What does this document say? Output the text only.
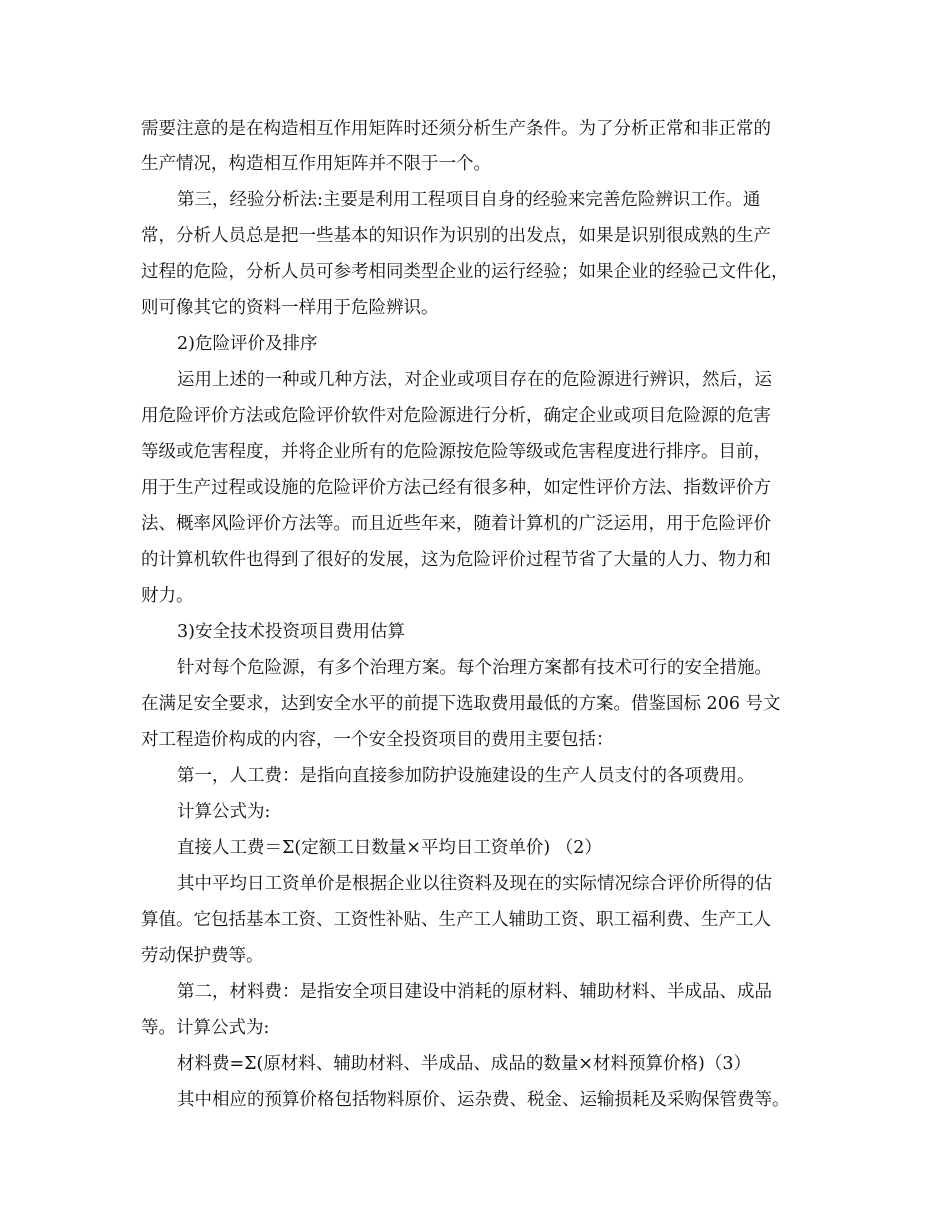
需要注意的是在构造相互作用矩阵时还须分析生产条件。为了分析正常和非正常的
生产情况，构造相互作用矩阵并不限于一个。
第三，经验分析法:主要是利用工程项目自身的经验来完善危险辨识工作。通
常，分析人员总是把一些基本的知识作为识别的出发点，如果是识别很成熟的生产
过程的危险，分析人员可参考相同类型企业的运行经验；如果企业的经验己文件化，
则可像其它的资料一样用于危险辨识。
2)危险评价及排序
运用上述的一种或几种方法，对企业或项目存在的危险源进行辨识，然后，运
用危险评价方法或危险评价软件对危险源进行分析，确定企业或项目危险源的危害
等级或危害程度，并将企业所有的危险源按危险等级或危害程度进行排序。目前，
用于生产过程或设施的危险评价方法己经有很多种，如定性评价方法、指数评价方
法、概率风险评价方法等。而且近些年来，随着计算机的广泛运用，用于危险评价
的计算机软件也得到了很好的发展，这为危险评价过程节省了大量的人力、物力和
财力。
3)安全技术投资项目费用估算
针对每个危险源，有多个治理方案。每个治理方案都有技术可行的安全措施。
在满足安全要求，达到安全水平的前提下选取费用最低的方案。借鉴国标 206 号文
对工程造价构成的内容，一个安全投资项目的费用主要包括：
第一，人工费：是指向直接参加防护设施建设的生产人员支付的各项费用。
计算公式为:
直接人工费＝Σ(定额工日数量×平均日工资单价) （2）
其中平均日工资单价是根据企业以往资料及现在的实际情况综合评价所得的估
算值。它包括基本工资、工资性补贴、生产工人辅助工资、职工福利费、生产工人
劳动保护费等。
第二，材料费：是指安全项目建设中消耗的原材料、辅助材料、半成品、成品
等。计算公式为:
材料费=Σ(原材料、辅助材料、半成品、成品的数量×材料预算价格)（3）
其中相应的预算价格包括物料原价、运杂费、税金、运输损耗及采购保管费等。
